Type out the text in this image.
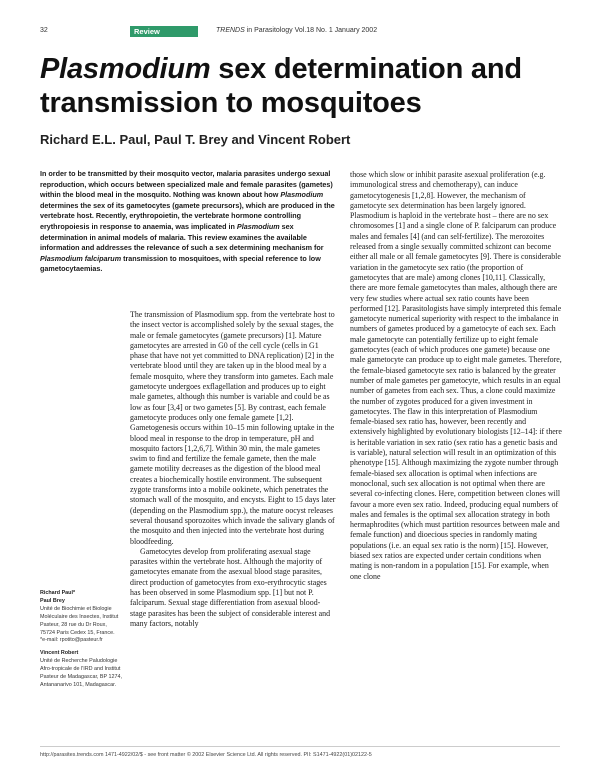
32	Review	TRENDS in Parasitology Vol.18 No. 1 January 2002
Plasmodium sex determination and transmission to mosquitoes
Richard E.L. Paul, Paul T. Brey and Vincent Robert
In order to be transmitted by their mosquito vector, malaria parasites undergo sexual reproduction, which occurs between specialized male and female parasites (gametes) within the blood meal in the mosquito. Nothing was known about how Plasmodium determines the sex of its gametocytes (gamete precursors), which are produced in the vertebrate host. Recently, erythropoietin, the vertebrate hormone controlling erythropoiesis in response to anaemia, was implicated in Plasmodium sex determination in animal models of malaria. This review examines the available information and addresses the relevance of such a sex determining mechanism for Plasmodium falciparum transmission to mosquitoes, with special reference to low gametocytaemias.

The transmission of Plasmodium spp. from the vertebrate host to the insect vector is accomplished solely by the sexual stages, the male or female gametocytes (gamete precursors) [1]. Mature gametocytes are arrested in G0 of the cell cycle (cells in G1 phase that have not yet committed to DNA replication) [2] in the vertebrate blood until they are taken up in the blood meal by a female mosquito, where they transform into gametes. Each male gametocyte undergoes exflagellation and produces up to eight male gametes, although this number is variable and could be as low as four [3,4] or two gametes [5]. By contrast, each female gametocyte produces only one female gamete [1,2]. Gametogenesis occurs within 10–15 min following uptake in the blood meal in response to the drop in temperature, pH and mosquito factors [1,2,6,7]. Within 30 min, the male gametes swim to find and fertilize the female gamete, then the male gamete motility decreases as the digestion of the blood meal creates a biochemically hostile environment. The subsequent zygote transforms into a mobile ookinete, which penetrates the stomach wall of the mosquito, and encysts. Eight to 15 days later (depending on the Plasmodium spp.), the mature oocyst releases several thousand sporozoites which invade the salivary glands of the mosquito and then injected into the vertebrate host during bloodfeeding.

Gametocytes develop from proliferating asexual stage parasites within the vertebrate host. Although the majority of gametocytes emanate from the asexual blood stage parasites, direct production of gametocytes from exo-erythrocytic stages has been observed in some Plasmodium spp. [1] but not P. falciparum. Sexual stage differentiation from asexual blood-stage parasites has been the subject of considerable interest and many factors, notably

those which slow or inhibit parasite asexual proliferation (e.g. immunological stress and chemotherapy), can induce gametocytogenesis [1,2,8]. However, the mechanism of gametocyte sex determination has been largely ignored. Plasmodium is haploid in the vertebrate host – there are no sex chromosomes [1] and a single clone of P. falciparum can produce males and females [4] (and can self-fertilize). The merozoites released from a single sexually committed schizont can become either all male or all female gametocytes [9]. There is considerable variation in the gametocyte sex ratio (the proportion of gametocytes that are male) among clones [10,11]. Classically, there are more female gametocytes than males, although there are very few studies where actual sex ratio counts have been performed [12]. Parasitologists have simply interpreted this female gametocyte numerical superiority with respect to the imbalance in numbers of gametes produced by a gametocyte of each sex. Each male gametocyte can potentially fertilize up to eight female gametocytes (each of which produces one gamete) because one male gametocyte can produce up to eight male gametes. Therefore, the female-biased gametocyte sex ratio is balanced by the greater number of male gametes per gametocyte, which results in an equal number of gametes from each sex. Thus, a clone could maximize the number of zygotes produced for a given investment in gametocytes. The flaw in this interpretation of Plasmodium female-biased sex ratio has, however, been recently and extensively highlighted by evolutionary biologists [12–14]: if there is heritable variation in sex ratio (sex ratio has a genetic basis and is variable), natural selection will result in an optimization of this phenotype [15]. Although maximizing the zygote number through female-biased sex allocation is optimal when infections are monoclonal, such sex allocation is not optimal when there are several co-infecting clones. Here, competition between clones will favour a more even sex ratio. Indeed, producing equal numbers of males and females is the optimal sex allocation strategy in both hermaphrodites (which must partition resources between male and female function) and dioecious species in randomly mating populations (i.e. an equal sex ratio is the norm) [15]. However, biased sex ratios are expected under certain conditions when mating is non-random in a population [15]. For example, when one clone

Richard Paul*
Paul Brey
Unité de Biochimie et Biologie Moléculaire des Insectes, Institut Pasteur, 28 rue du Dr Roux, 75724 Paris Cedex 15, France.
*e-mail: rpotito@pasteur.fr
Vincent Robert
Unité de Recherche Paludologie Afro-tropicale de l'IRD and Institut Pasteur de Madagascar, BP 1274, Antananarivo 101, Madagascar.
http://parasites.trends.com 1471-4922/02/$ - see front matter © 2002 Elsevier Science Ltd. All rights reserved. PII: S1471-4922(01)02122-5
